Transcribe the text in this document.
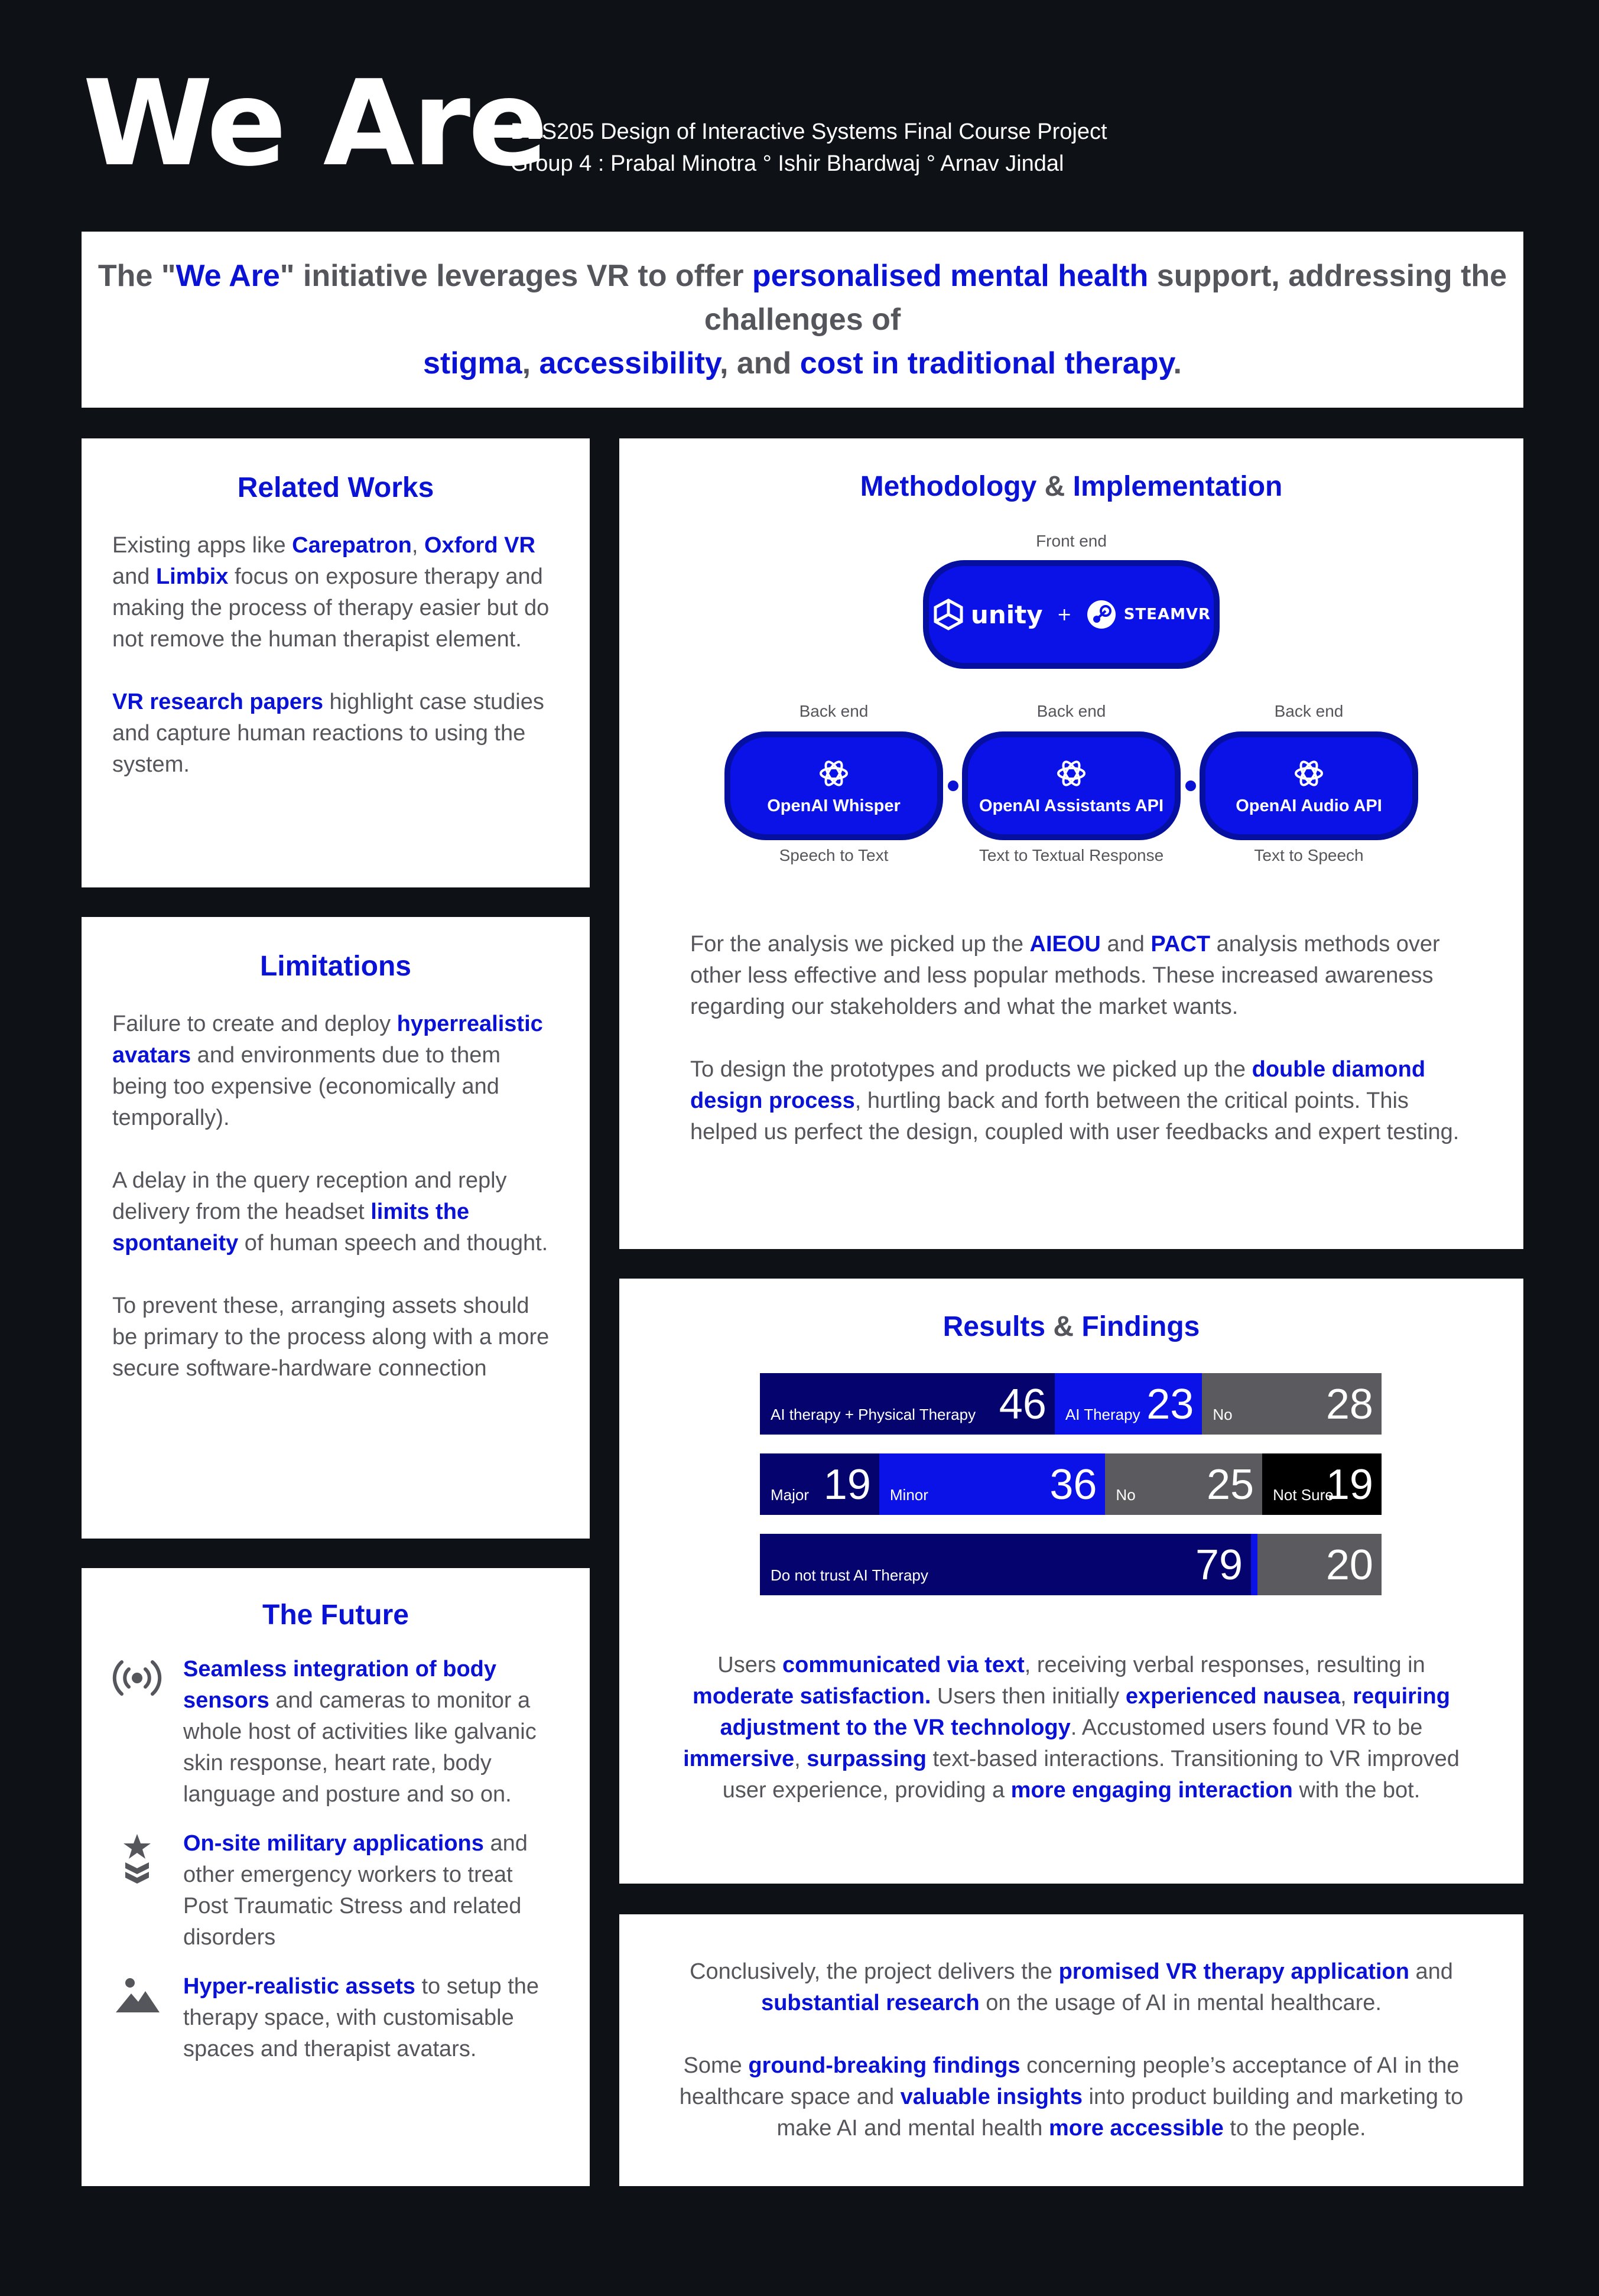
We Are
DES205 Design of Interactive Systems Final Course Project
Group 4 : Prabal Minotra ° Ishir Bhardwaj ° Arnav Jindal

The "We Are" initiative leverages VR to offer personalised mental health support, addressing the challenges of
stigma, accessibility, and cost in traditional therapy.

Related Works

Existing apps like Carepatron, Oxford VR and Limbix focus on exposure therapy and making the process of therapy easier but do not remove the human therapist element.

VR research papers highlight case studies and capture human reactions to using the system.

Limitations

Failure to create and deploy hyperrealistic avatars and environments due to them being too expensive (economically and temporally).

A delay in the query reception and reply delivery from the headset limits the spontaneity of human speech and thought.

To prevent these, arranging assets should be primary to the process along with a more secure software-hardware connection

The Future
Seamless integration of body sensors and cameras to monitor a whole host of activities like galvanic skin response, heart rate, body language and posture and so on.
On-site military applications and other emergency workers to treat Post Traumatic Stress and related disorders
Hyper-realistic assets to setup the therapy space, with customisable spaces and therapist avatars.
Methodology & Implementation
Front end
unity +	STEAMVR
Back end	Back end	Back end
OpenAI Whisper	OpenAI Assistants API	OpenAI Audio API
Speech to Text	Text to Textual Response	Text to Speech

For the analysis we picked up the AIEOU and PACT analysis methods over other less effective and less popular methods. These increased awareness regarding our stakeholders and what the market wants.

To design the prototypes and products we picked up the double diamond design process, hurtling back and forth between the critical points. This helped us perfect the design, coupled with user feedbacks and expert testing.

Results & Findings
AI therapy + Physical Therapy 46 AI Therapy 23 No 28
Major 19 Minor	36 No 25 Not Sure
19
Do not trust AI Therapy	79 20

Users communicated via text, receiving verbal responses, resulting in moderate satisfaction. Users then initially experienced nausea, requiring adjustment to the VR technology. Accustomed users found VR to be immersive, surpassing text-based interactions. Transitioning to VR improved user experience, providing a more engaging interaction with the bot.

Conclusively, the project delivers the promised VR therapy application and substantial research on the usage of AI in mental healthcare.

Some ground-breaking findings concerning people’s acceptance of AI in the healthcare space and valuable insights into product building and marketing to make AI and mental health more accessible to the people.
